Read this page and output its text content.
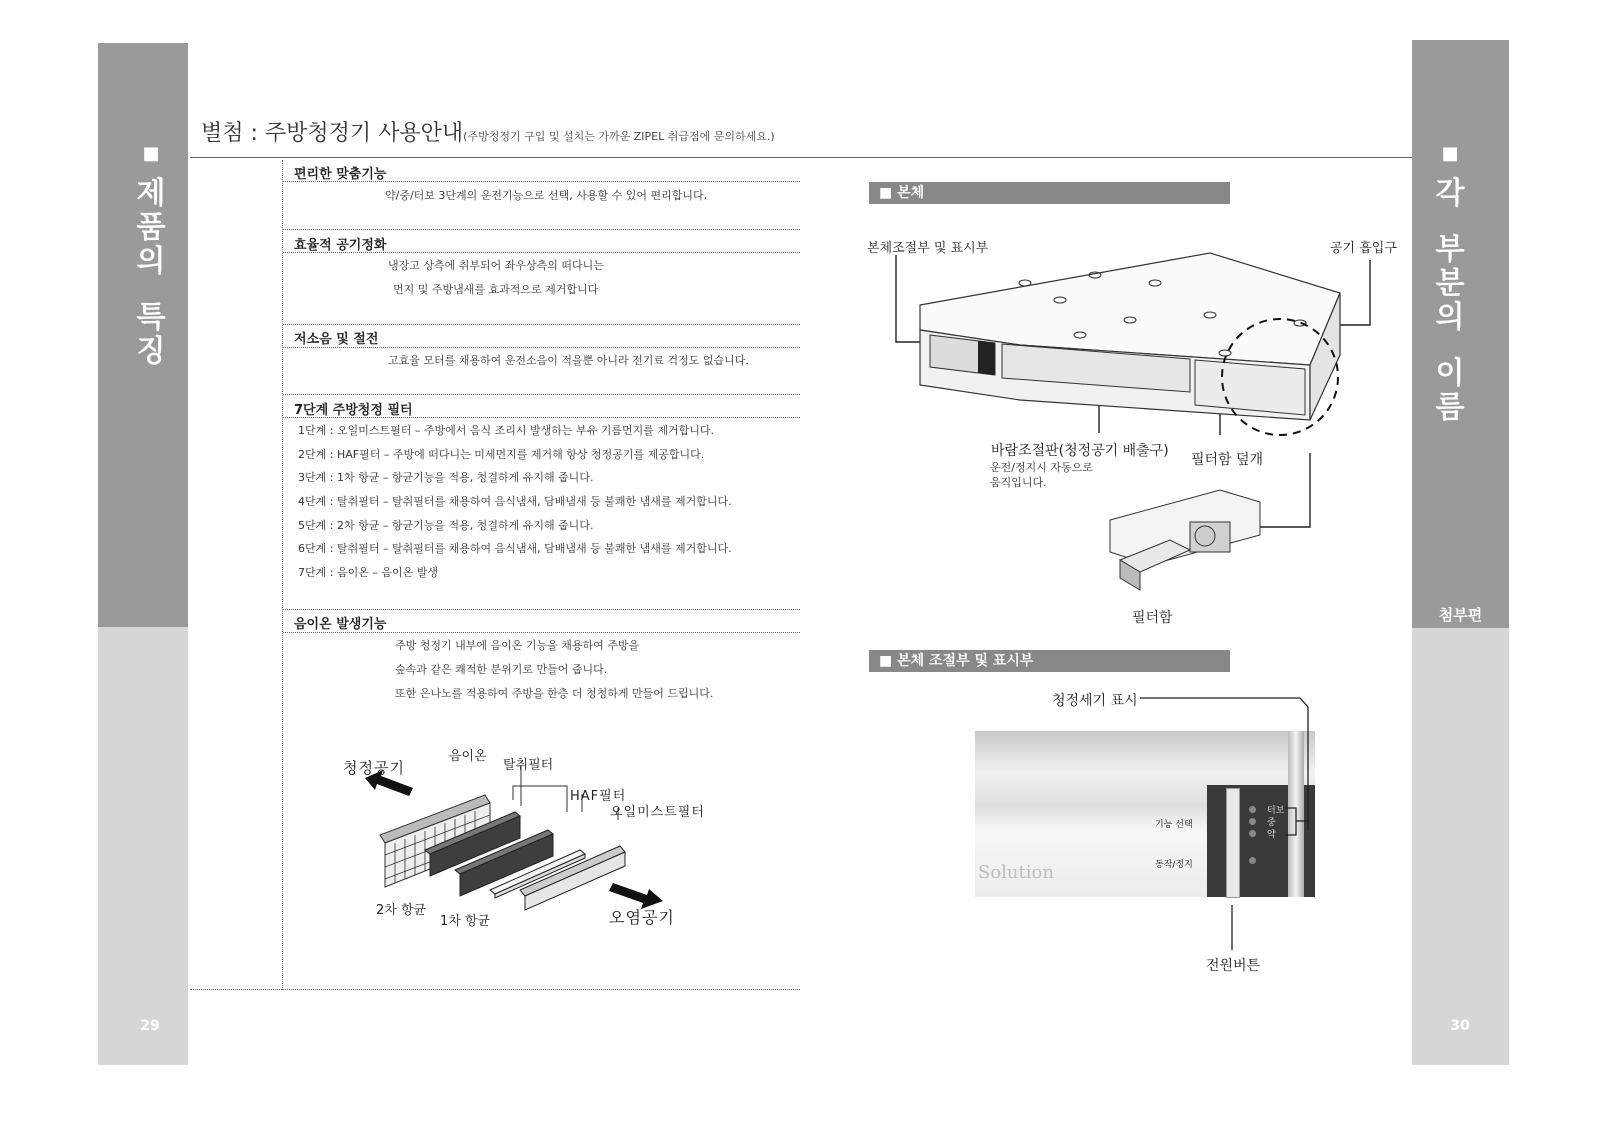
■
제
품
의
특
징
29
■
각
부
분
의
이
름
첨부편
30
별첨 : 주방청정기 사용안내(주방청정기 구입 및 설치는 가까운 ZIPEL 취급점에 문의하세요.)
편리한 맞춤기능
약/중/터보 3단계의 운전기능으로 선택, 사용할 수 있어 편리합니다.
효율적 공기정화
냉장고 상측에 취부되어 좌우상측의 떠다니는
먼지 및 주방냄새를 효과적으로 제거합니다
저소음 및 절전
고효율 모터를 채용하여 운전소음이 적을뿐 아니라 전기료 걱정도 없습니다.
7단계 주방청정 필터
1단계 : 오일미스트필터 – 주방에서 음식 조리시 발생하는 부유 기름먼지를 제거합니다.
2단계 : HAF필터 – 주방에 떠다니는 미세먼지를 제거해 항상 청정공기를 제공합니다.
3단계 : 1차 항균 – 항균기능을 적용, 청결하게 유지해 줍니다.
4단계 : 탈취필터 – 탈취필터를 채용하여 음식냄새, 담배냄새 등 불쾌한 냄새를 제거합니다.
5단계 : 2차 항균 – 항균기능을 적용, 청결하게 유지해 줍니다.
6단계 : 탈취필터 – 탈취필터를 채용하여 음식냄새, 담배냄새 등 불쾌한 냄새를 제거합니다.
7단계 : 음이온 – 음이온 발생
음이온 발생기능
주방 청정기 내부에 음이온 기능을 채용하여 주방을
숲속과 같은 쾌적한 분위기로 만들어 줍니다.
또한 은나노를 적용하여 주방을 한층 더 청청하게 만들어 드립니다.
청정공기
음이온
탈취필터
HAF필터
오일미스트필터
2차 항균
1차 항균	오염공기
■ 본체
본체조절부 및 표시부	공기 흡입구
바람조절판(청정공기 배출구)
운전/정지시 자동으로
움직입니다.
필터함 덮개
필터함
■ 본체 조절부 및 표시부
청정세기 표시
Solution
기능 선택
동작/정지
터보
중
약
전원버튼
